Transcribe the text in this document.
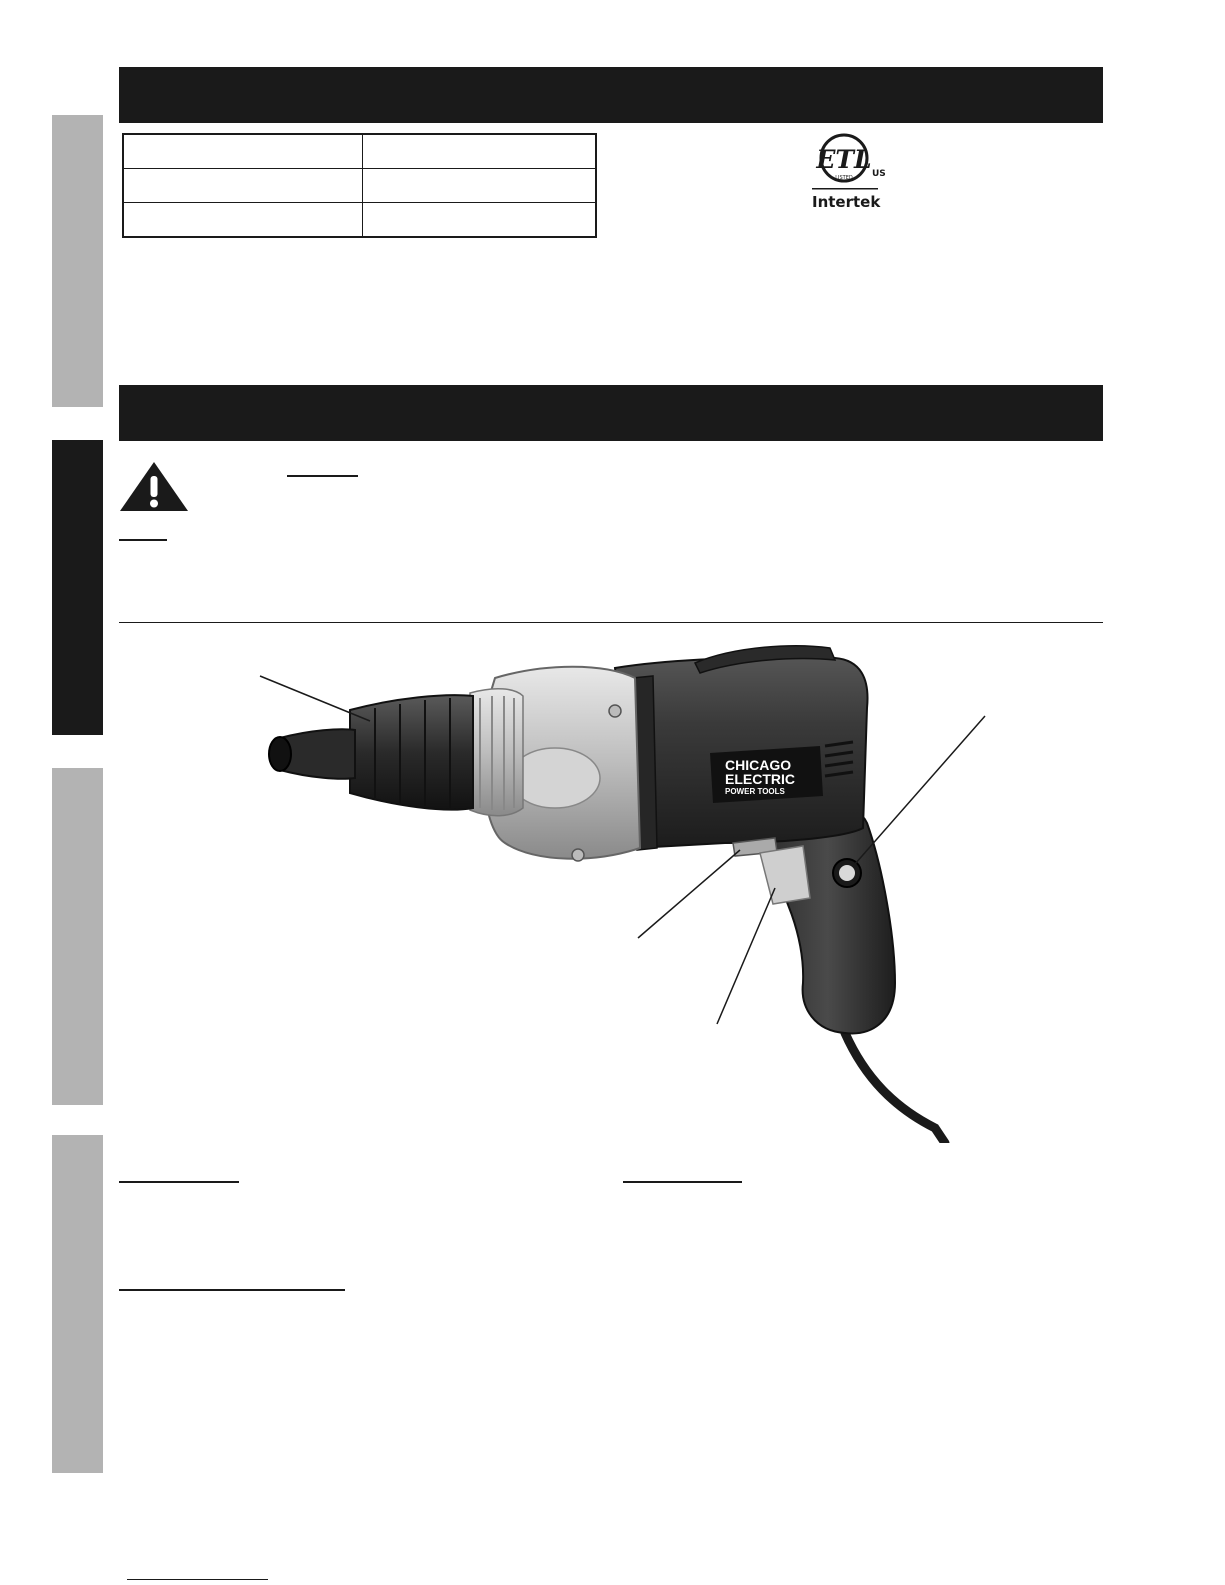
ETL
LISTED US
Intertek
CHICAGO
ELECTRIC
POWER TOOLS
